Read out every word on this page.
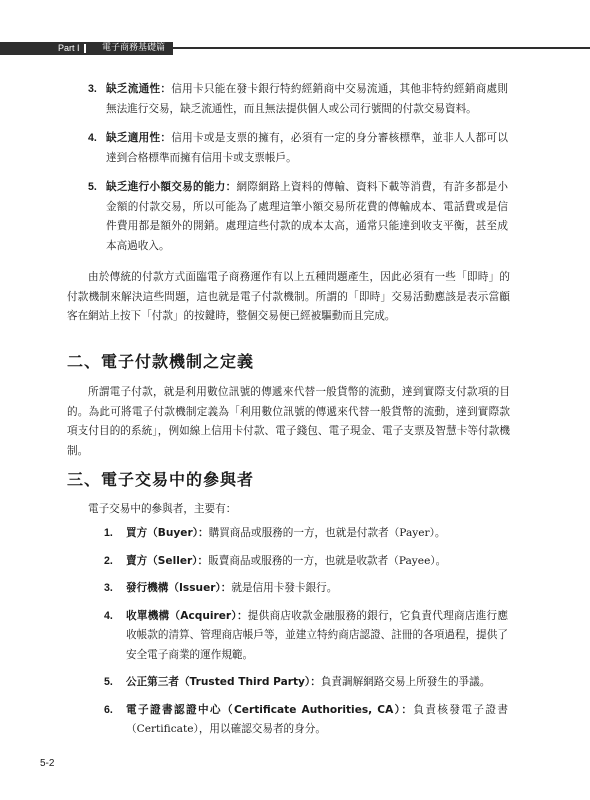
Part I 電子商務基礎篇
3. 缺乏流通性：信用卡只能在發卡銀行特約經銷商中交易流通，其他非特約經銷商處則無法進行交易，缺乏流通性，而且無法提供個人或公司行號間的付款交易資料。
4. 缺乏適用性：信用卡或是支票的擁有，必須有一定的身分審核標準，並非人人都可以達到合格標準而擁有信用卡或支票帳戶。
5. 缺乏進行小額交易的能力：網際網路上資料的傳輸、資料下載等消費，有許多都是小金額的付款交易，所以可能為了處理這筆小額交易所花費的傳輸成本、電話費或是信件費用都是額外的開銷。處理這些付款的成本太高，通常只能達到收支平衡，甚至成本高過收入。
由於傳統的付款方式面臨電子商務運作有以上五種問題產生，因此必須有一些「即時」的付款機制來解決這些問題，這也就是電子付款機制。所謂的「即時」交易活動應該是表示當顧客在網站上按下「付款」的按鍵時，整個交易便已經被驅動而且完成。
二、電子付款機制之定義
所謂電子付款，就是利用數位訊號的傳遞來代替一般貨幣的流動，達到實際支付款項的目的。為此可將電子付款機制定義為「利用數位訊號的傳遞來代替一般貨幣的流動，達到實際款項支付目的的系統」，例如線上信用卡付款、電子錢包、電子現金、電子支票及智慧卡等付款機制。
三、電子交易中的參與者
電子交易中的參與者，主要有：
1.	買方（Buyer）：購買商品或服務的一方，也就是付款者（Payer）。
2.	賣方（Seller）：販賣商品或服務的一方，也就是收款者（Payee）。
3.	發行機構（Issuer）：就是信用卡發卡銀行。
4.	收單機構（Acquirer）：提供商店收款金融服務的銀行，它負責代理商店進行應收帳款的清算、管理商店帳戶等，並建立特約商店認證、註冊的各項過程，提供了安全電子商業的運作規範。
5.	公正第三者（Trusted Third Party）：負責調解網路交易上所發生的爭議。
6.	電子證書認證中心（Certificate Authorities, CA）：負責核發電子證書（Certificate），用以確認交易者的身分。
5-2
